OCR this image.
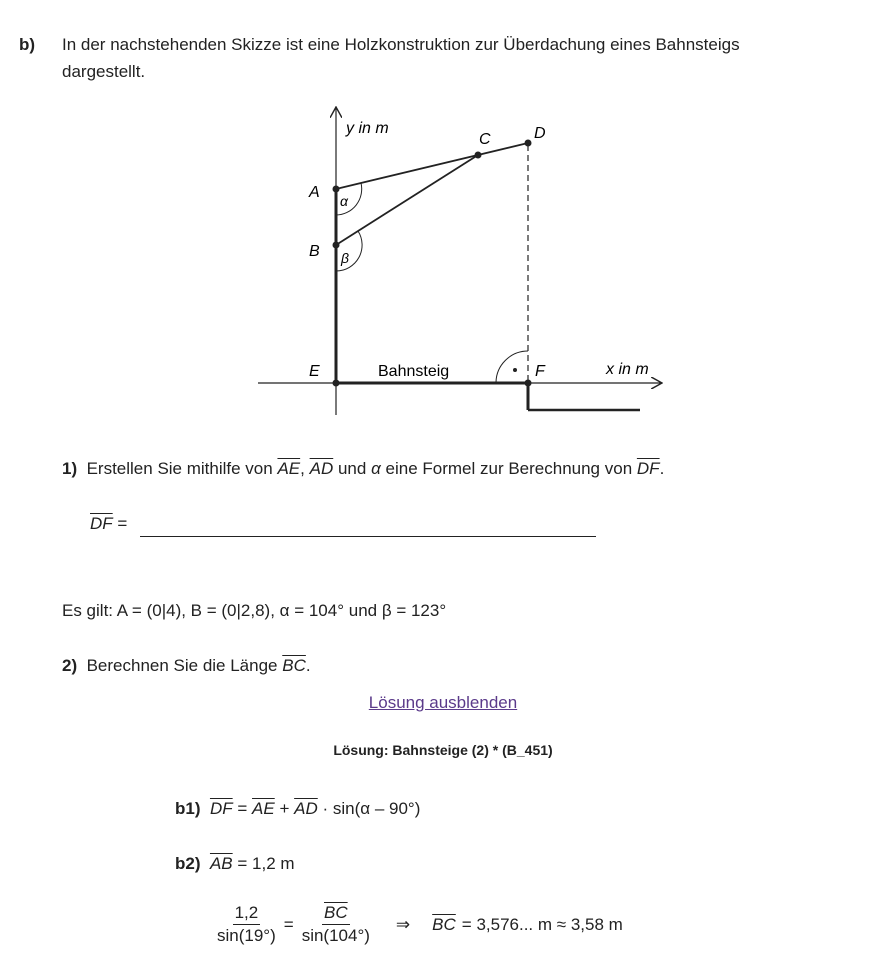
b) In der nachstehenden Skizze ist eine Holzkonstruktion zur Überdachung eines Bahnsteigs
dargestellt.
y in m
x in m
A
B
C	D
E	F
α
β
Bahnsteig
1) Erstellen Sie mithilfe von $\overline{AE}$, $\overline{AD}$ und α eine Formel zur Berechnung von $\overline{DF}$.
$\overline{DF}$ =
Es gilt: A = (0|4), B = (0|2,8), α = 104° und β = 123°
2) Berechnen Sie die Länge $\overline{BC}$.
Lösung ausblenden
Lösung: Bahnsteige (2) * (B_451)
b1) $\overline{DF} = \overline{AE} + \overline{AD} \cdot \sin(\alpha - 90^\circ)$
b2) $\overline{AB} = 1,2$ m
$\frac{1,2}{\sin(19^\circ)} = \frac{\overline{BC}}{\sin(104^\circ)}$ ⇒ $\overline{BC} = 3,576$... m ≈ 3,58 m
